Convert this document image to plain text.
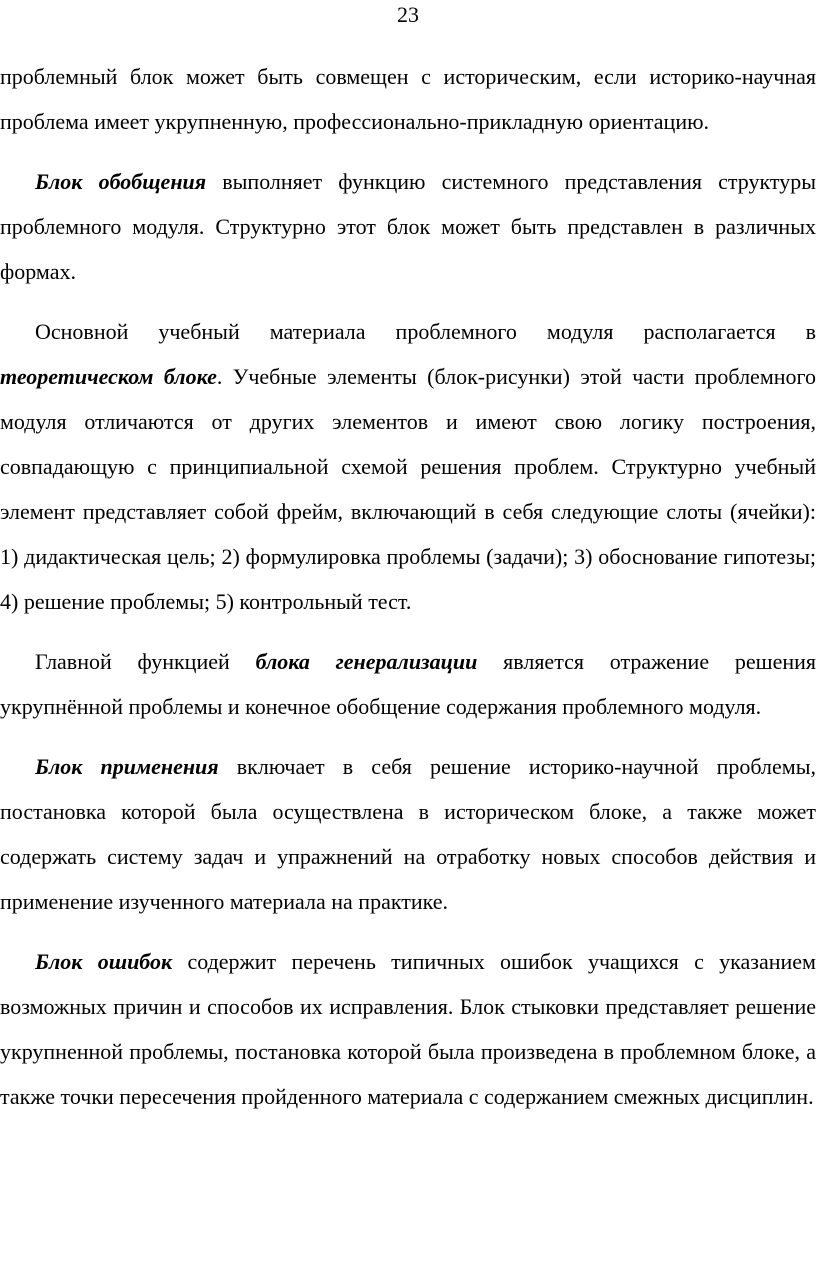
23

проблемный блок может быть совмещен с историческим, если историко-научная проблема имеет укрупненную, профессионально-прикладную ориентацию.

Блок обобщения выполняет функцию системного представления структуры проблемного модуля. Структурно этот блок может быть представлен в различных формах.

Основной учебный материала проблемного модуля располагается в теоретическом блоке. Учебные элементы (блок-рисунки) этой части проблемного модуля отличаются от других элементов и имеют свою логику построения, совпадающую с принципиальной схемой решения проблем. Структурно учебный элемент представляет собой фрейм, включающий в себя следующие слоты (ячейки): 1) дидактическая цель; 2) формулировка проблемы (задачи); 3) обоснование гипотезы; 4) решение проблемы; 5) контрольный тест.

Главной функцией блока генерализации является отражение решения укрупнённой проблемы и конечное обобщение содержания проблемного модуля.

Блок применения включает в себя решение историко-научной проблемы, постановка которой была осуществлена в историческом блоке, а также может содержать систему задач и упражнений на отработку новых способов действия и применение изученного материала на практике.

Блок ошибок содержит перечень типичных ошибок учащихся с указанием возможных причин и способов их исправления. Блок стыковки представляет решение укрупненной проблемы, постановка которой была произведена в проблемном блоке, а также точки пересечения пройденного материала с содержанием смежных дисциплин.
